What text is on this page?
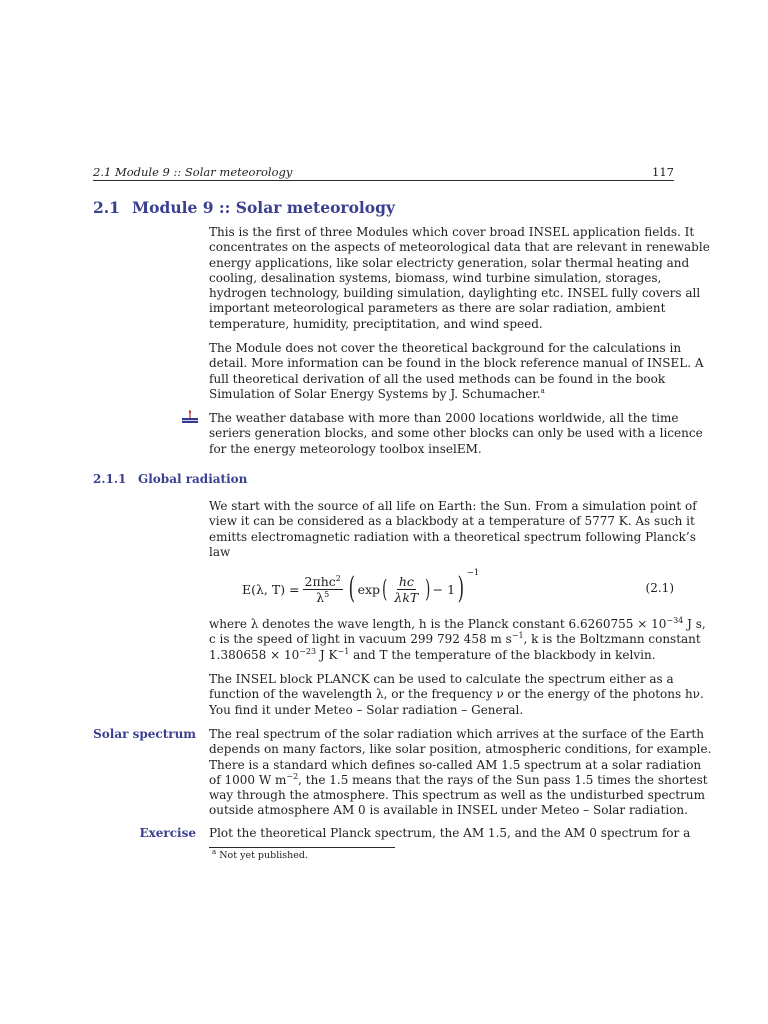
2.1 Module 9 :: Solar meteorology	117
2.1 Module 9 :: Solar meteorology
This is the first of three Modules which cover broad INSEL application fields. It
concentrates on the aspects of meteorological data that are relevant in renewable
energy applications, like solar electricty generation, solar thermal heating and
cooling, desalination systems, biomass, wind turbine simulation, storages,
hydrogen technology, building simulation, daylighting etc. INSEL fully covers all
important meteorological parameters as there are solar radiation, ambient
temperature, humidity, preciptitation, and wind speed.
The Module does not cover the theoretical background for the calculations in
detail. More information can be found in the block reference manual of INSEL. A
full theoretical derivation of all the used methods can be found in the book
Simulation of Solar Energy Systems by J. Schumacher.$^a$
The weather database with more than 2000 locations worldwide, all the time
seriers generation blocks, and some other blocks can only be used with a licence
for the energy meteorology toolbox inselEM.
2.1.1 Global radiation
We start with the source of all life on Earth: the Sun. From a simulation point of
view it can be considered as a blackbody at a temperature of 5777 K. As such it
emitts electromagnetic radiation with a theoretical spectrum following Planck’s
law
E(λ, $T) = \frac{2\pi hc^2}{\lambda^5}$ ( exp ( $\frac{hc}{\text{λkT}}$ ) − 1 ) −1
(2.1)
where λ denotes the wave length, h is the Planck constant $6.6260755 \times 10^{-34}$ J s,
c is the speed of light in vacuum 299 792 458 m $s^{-1}$, k is the Boltzmann constant
$1.380658 \times 10^{-23}$ J $K^{-1}$ and T the temperature of the blackbody in kelvin.
The INSEL block PLANCK can be used to calculate the spectrum either as a
function of the wavelength λ, or the frequency ν or the energy of the photons hν.
You find it under Meteo – Solar radiation – General.
Solar spectrum The real spectrum of the solar radiation which arrives at the surface of the Earth
depends on many factors, like solar position, atmospheric conditions, for example.
There is a standard which defines so-called AM 1.5 spectrum at a solar radiation
of 1000 W $m^{-2}$, the 1.5 means that the rays of the Sun pass 1.5 times the shortest
way through the atmosphere. This spectrum as well as the undisturbed spectrum
outside atmosphere AM 0 is available in INSEL under Meteo – Solar radiation.
Exercise Plot the theoretical Planck spectrum, the AM 1.5, and the AM 0 spectrum for a
$^a$ Not yet published.
